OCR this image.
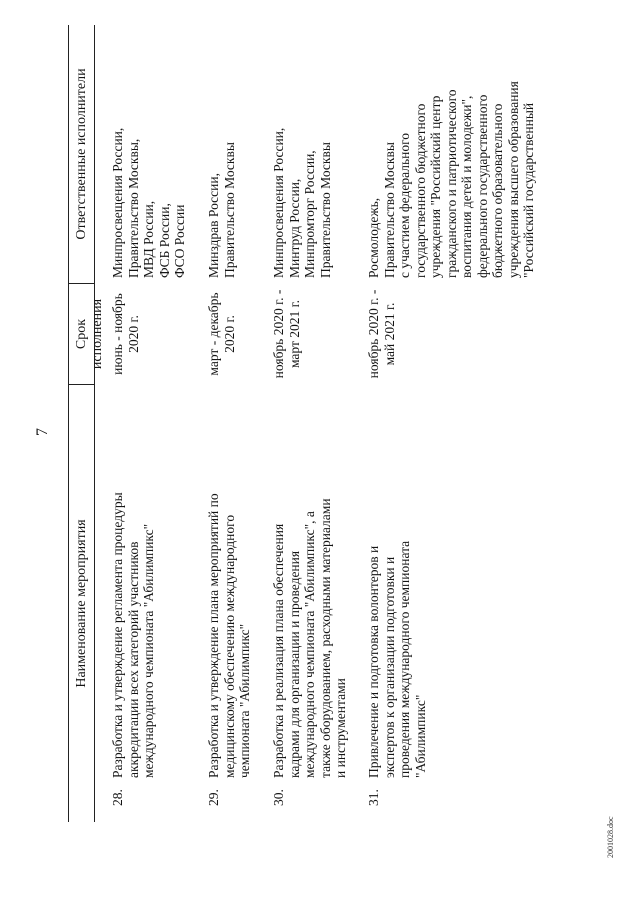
7
Наименование мероприятия
Срок исполнения
Ответственные исполнители
28.
Разработка и утверждение регламента процедуры аккредитации всех категорий участников международного чемпионата "Абилимпикс"
июнь - ноябрь 2020 г.
Минпросвещения России, Правительство Москвы, МВД России, ФСБ России, ФСО России
29.
Разработка и утверждение плана мероприятий по медицинскому обеспечению международного чемпионата "Абилимпикс"
март - декабрь 2020 г.
Минздрав России, Правительство Москвы
30.
Разработка и реализация плана обеспечения кадрами для организации и проведения международного чемпионата "Абилимпикс", а также оборудованием, расходными материалами и инструментами
ноябрь 2020 г. - март 2021 г.
Минпросвещения России, Минтруд России, Минпромторг России, Правительство Москвы
31.
Привлечение и подготовка волонтеров и экспертов к организации подготовки и проведения международного чемпионата "Абилимпикс"
ноябрь 2020 г. - май 2021 г.
Росмолодежь, Правительство Москвы с участием федерального государственного бюджетного учреждения "Российский центр гражданского и патриотического воспитания детей и молодежи", федерального государственного бюджетного образовательного учреждения высшего образования "Российский государственный
2001028.doc
